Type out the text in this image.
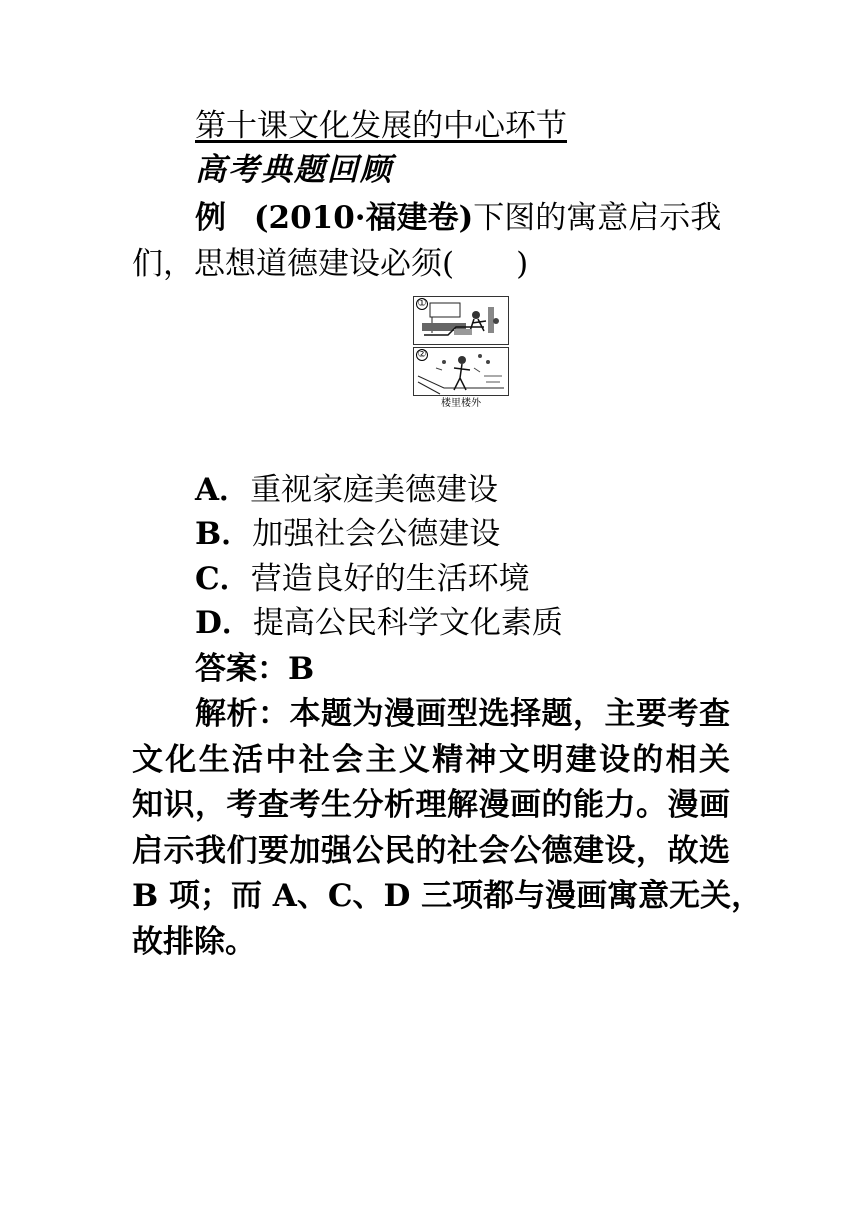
第十课文化发展的中心环节
高考典题回顾
例 (2010·福建卷)下图的寓意启示我
们，思想道德建设必须(　　)
①
②
楼里楼外
A．重视家庭美德建设
B．加强社会公德建设
C．营造良好的生活环境
D．提高公民科学文化素质
答案：B
解析：本题为漫画型选择题，主要考查
文化生活中社会主义精神文明建设的相关
知识，考查考生分析理解漫画的能力。漫画
启示我们要加强公民的社会公德建设，故选
B 项；而 A、C、D 三项都与漫画寓意无关，
故排除。
